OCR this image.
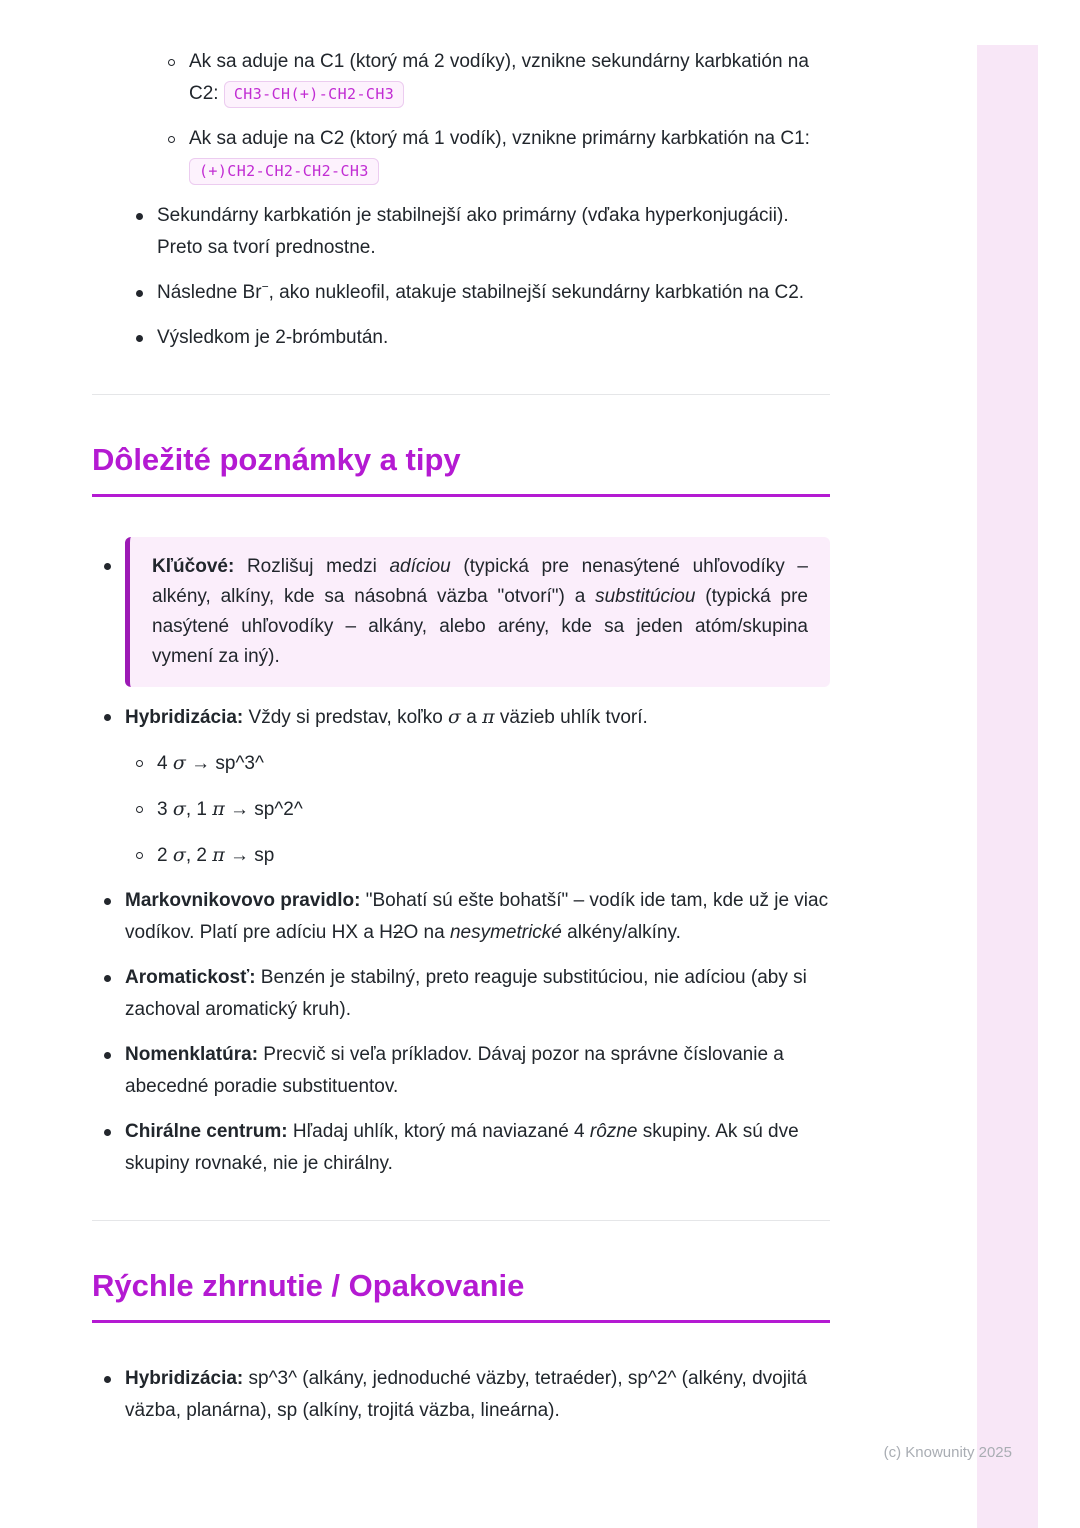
(c) Knowunity 2025
Ak sa aduje na C1 (ktorý má 2 vodíky), vznikne sekundárny karbkatión na C2: CH3-CH(+)-CH2-CH3
Ak sa aduje na C2 (ktorý má 1 vodík), vznikne primárny karbkatión na C1: (+)CH2-CH2-CH2-CH3
Sekundárny karbkatión je stabilnejší ako primárny (vďaka hyperkonjugácii). Preto sa tvorí prednostne.
Následne Br−, ako nukleofil, atakuje stabilnejší sekundárny karbkatión na C2.
Výsledkom je 2-brómbután.
Dôležité poznámky a tipy
Kľúčové: Rozlišuj medzi adíciou (typická pre nenasýtené uhľovodíky – alkény, alkíny, kde sa násobná väzba "otvorí") a substitúciou (typická pre nasýtené uhľovodíky – alkány, alebo arény, kde sa jeden atóm/skupina vymení za iný).
Hybridizácia: Vždy si predstav, koľko σ a π väzieb uhlík tvorí.
4 σ → sp^3^
3 σ, 1 π → sp^2^
2 σ, 2 π → sp
Markovnikovovo pravidlo: "Bohatí sú ešte bohatší" – vodík ide tam, kde už je viac vodíkov. Platí pre adíciu HX a H2O na nesymetrické alkény/alkíny.
Aromatickosť: Benzén je stabilný, preto reaguje substitúciou, nie adíciou (aby si zachoval aromatický kruh).
Nomenklatúra: Precvič si veľa príkladov. Dávaj pozor na správne číslovanie a abecedné poradie substituentov.
Chirálne centrum: Hľadaj uhlík, ktorý má naviazané 4 rôzne skupiny. Ak sú dve skupiny rovnaké, nie je chirálny.
Rýchle zhrnutie / Opakovanie
Hybridizácia: sp^3^ (alkány, jednoduché väzby, tetraéder), sp^2^ (alkény, dvojitá väzba, planárna), sp (alkíny, trojitá väzba, lineárna).
